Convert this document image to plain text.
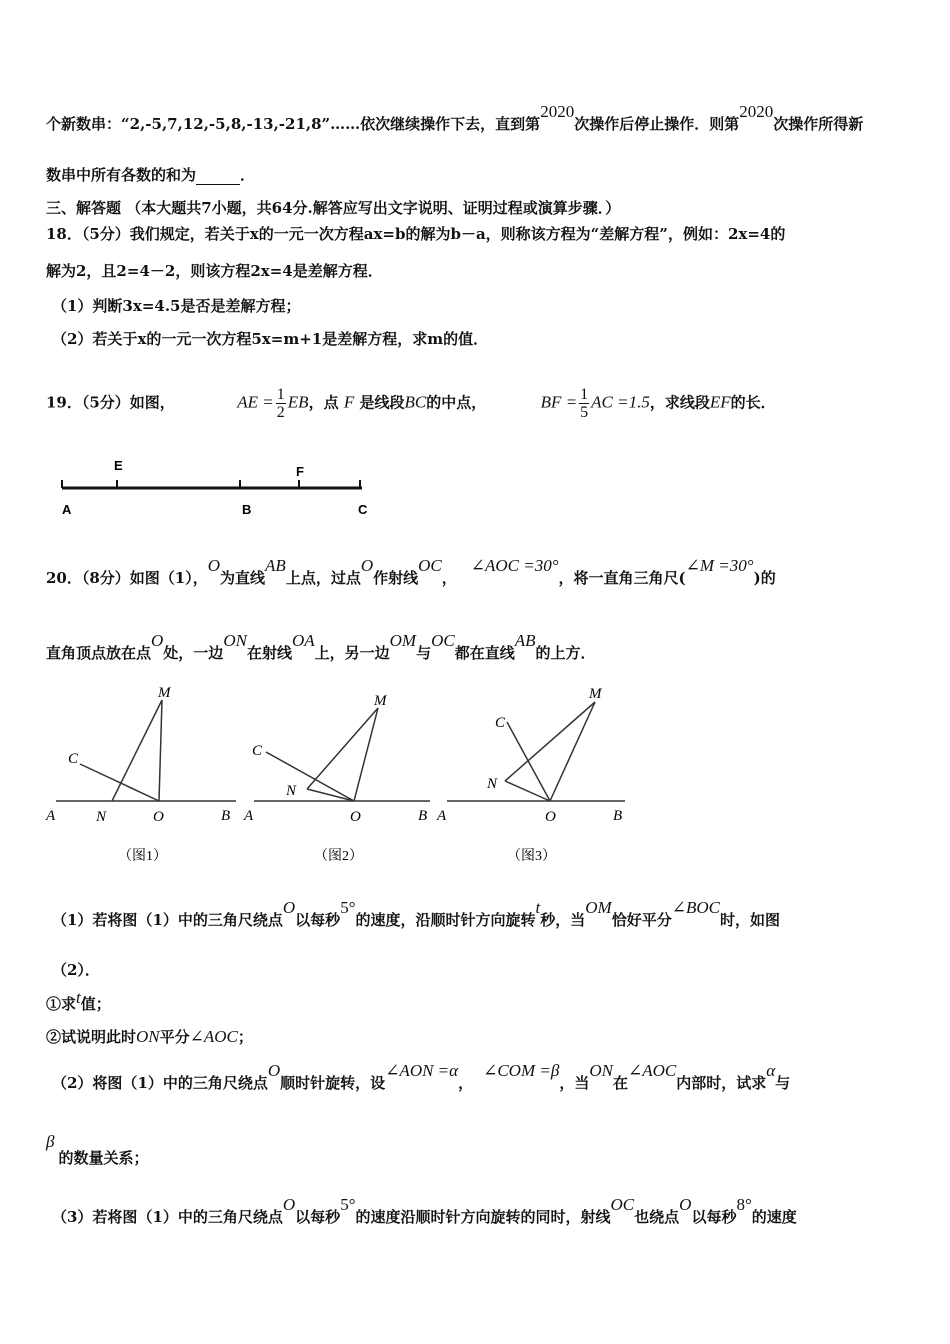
个新数串：“2,-5,7,12,-5,8,-13,-21,8”……依次继续操作下去，直到第2020次操作后停止操作．则第2020次操作所得新
数串中所有各数的和为	．
三、解答题 （本大题共7小题，共64分.解答应写出文字说明、证明过程或演算步骤．）
18．（5分）我们规定，若关于x的一元一次方程ax=b的解为b－a，则称该方程为“差解方程”，例如：2x=4的
解为2，且2=4－2，则该方程2x=4是差解方程．
（1）判断3x=4.5是否是差解方程；
（2）若关于x的一元一次方程5x=m+1是差解方程，求m的值．
19．（5分）如图，	AE = $\frac{1}{2}$ EB，点 F 是线段BC的中点，	BF = $\frac{1}{5}$ AC =1.5，求线段EF的长．
E	F
A	B	C
20．（8分）如图（1），O为直线AB上点，过点O作射线OC，∠AOC =30°，将一直角三角尺(∠M =30°)的
直角顶点放在点O处，一边ON在射线OA上，另一边OM与OC都在直线AB的上方．
M
C
A	N	O	B
（图1）
M
C
N
A	O	B
（图2）
M
C
N
A	O	B
（图3）
（1）若将图（1）中的三角尺绕点O以每秒5°的速度，沿顺时针方向旋转t秒，当OM恰好平分∠BOC时，如图
（2）．
①求t值；
②试说明此时ON平分∠AOC；
（2）将图（1）中的三角尺绕点O顺时针旋转，设∠AON =α，∠COM =β，当ON在∠AOC内部时，试求α与
β的数量关系；
（3）若将图（1）中的三角尺绕点O以每秒5°的速度沿顺时针方向旋转的同时，射线OC也绕点O以每秒8°的速度
